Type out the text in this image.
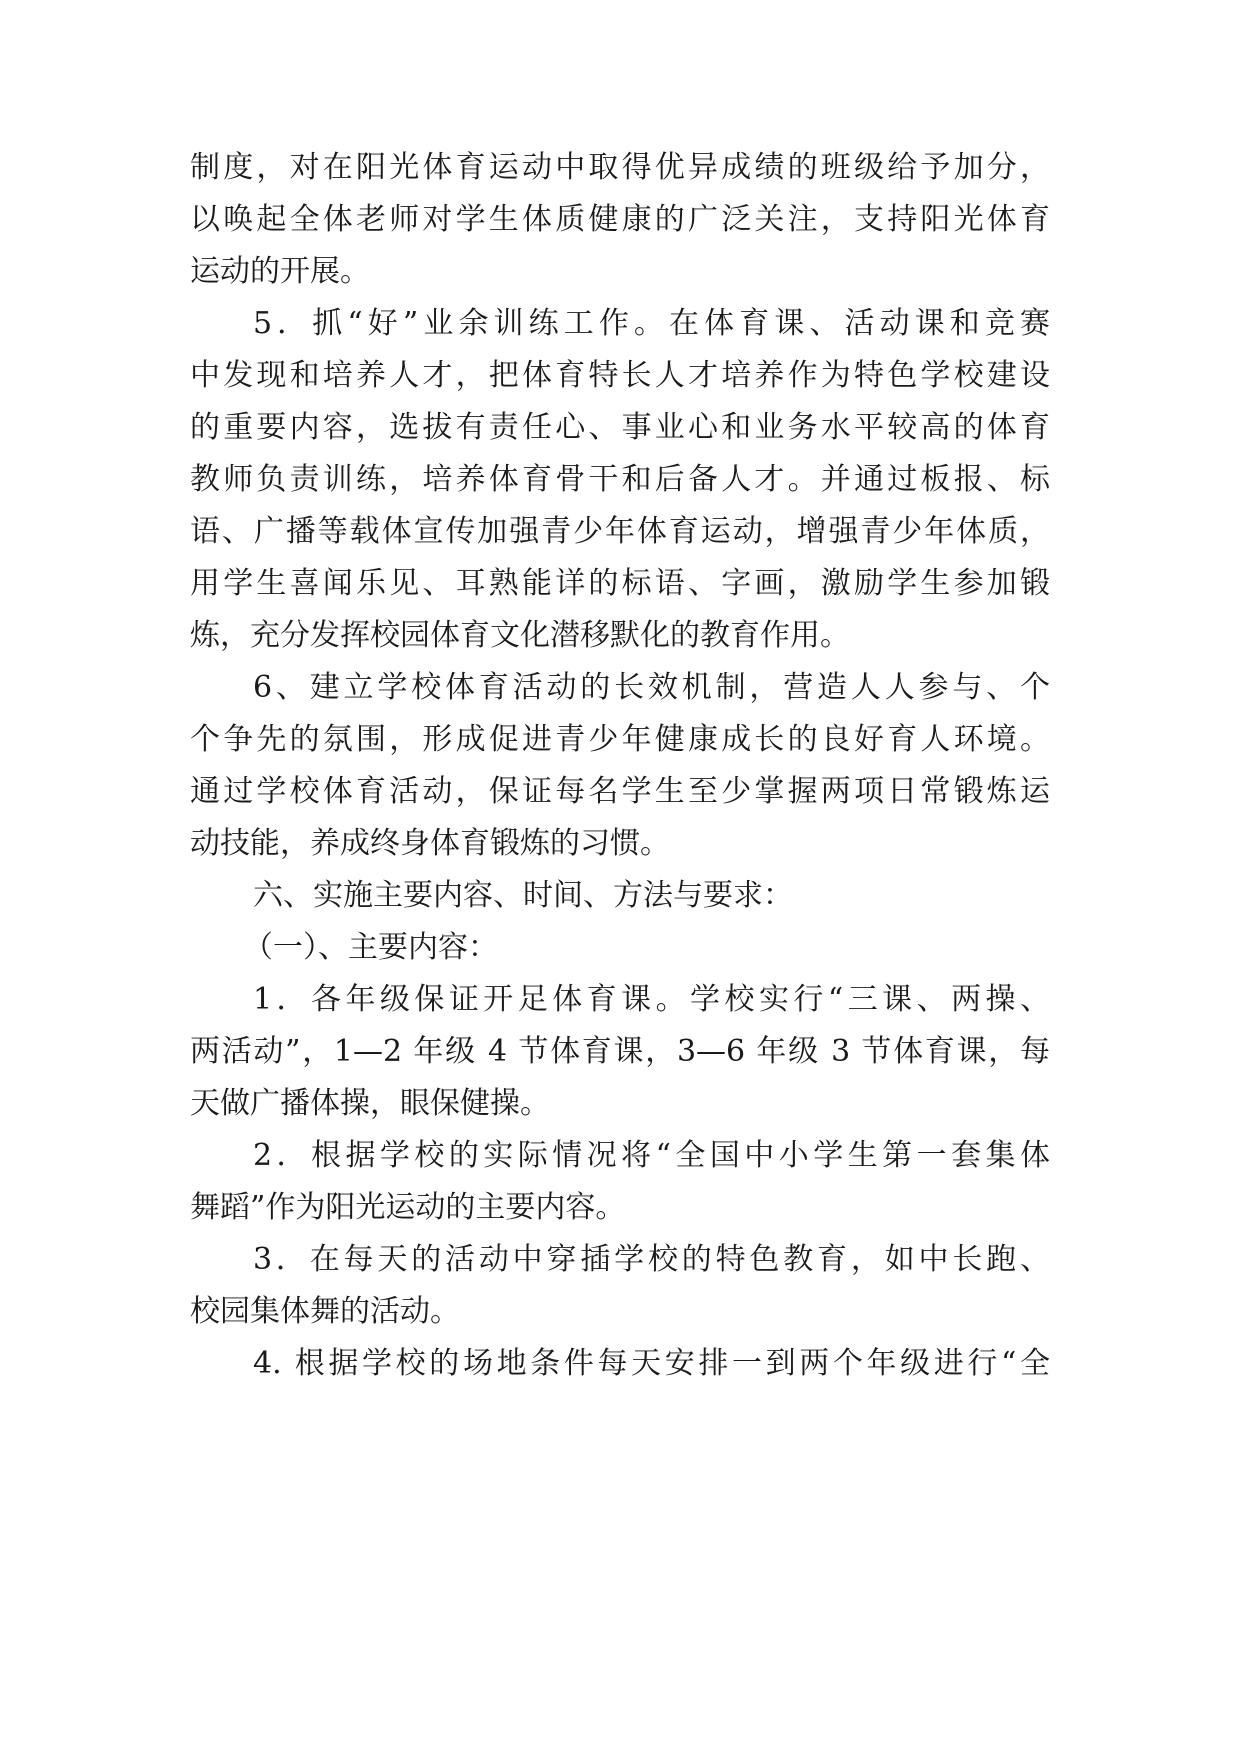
制度，对在阳光体育运动中取得优异成绩的班级给予加分，

以唤起全体老师对学生体质健康的广泛关注，支持阳光体育

运动的开展。

5．抓“好”业余训练工作。在体育课、活动课和竞赛

中发现和培养人才，把体育特长人才培养作为特色学校建设

的重要内容，选拔有责任心、事业心和业务水平较高的体育

教师负责训练，培养体育骨干和后备人才。并通过板报、标

语、广播等载体宣传加强青少年体育运动，增强青少年体质，

用学生喜闻乐见、耳熟能详的标语、字画，激励学生参加锻

炼，充分发挥校园体育文化潜移默化的教育作用。

6、建立学校体育活动的长效机制，营造人人参与、个

个争先的氛围，形成促进青少年健康成长的良好育人环境。

通过学校体育活动，保证每名学生至少掌握两项日常锻炼运

动技能，养成终身体育锻炼的习惯。

六、实施主要内容、时间、方法与要求：

（一）、主要内容：

1．各年级保证开足体育课。学校实行“三课、两操、

两活动”，1—2 年级 4 节体育课，3—6 年级 3 节体育课，每

天做广播体操，眼保健操。

2．根据学校的实际情况将“全国中小学生第一套集体

舞蹈”作为阳光运动的主要内容。

3．在每天的活动中穿插学校的特色教育，如中长跑、

校园集体舞的活动。

4. 根据学校的场地条件每天安排一到两个年级进行“全
